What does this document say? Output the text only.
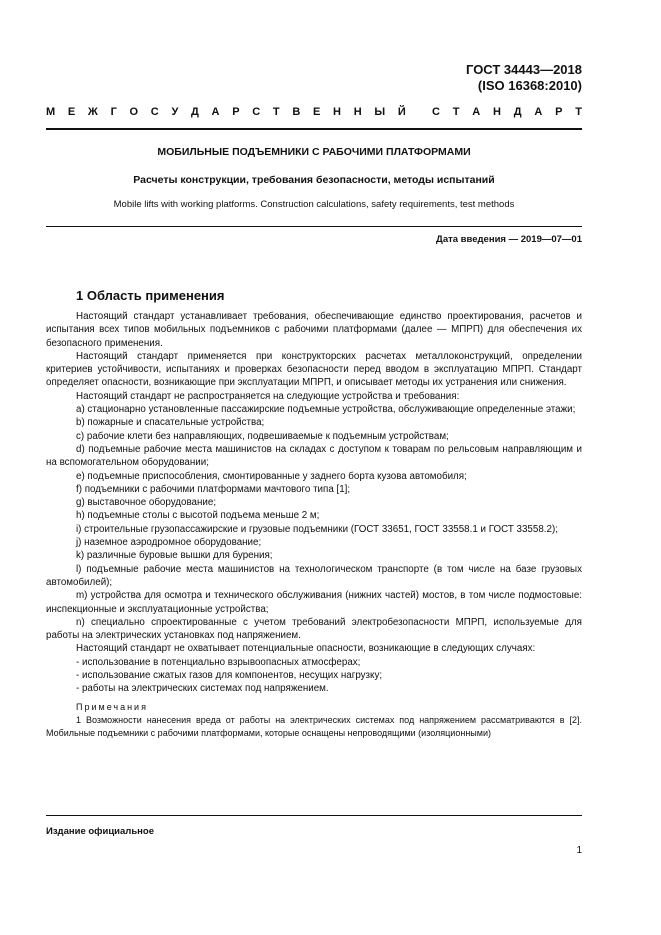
ГОСТ 34443—2018
(ISO 16368:2010)
М Е Ж Г О С У Д А Р С Т В Е Н Н Ы Й С Т А Н Д А Р Т
МОБИЛЬНЫЕ ПОДЪЕМНИКИ С РАБОЧИМИ ПЛАТФОРМАМИ
Расчеты конструкции, требования безопасности, методы испытаний
Mobile lifts with working platforms. Construction calculations, safety requirements, test methods
Дата введения — 2019—07—01
1 Область применения

Настоящий стандарт устанавливает требования, обеспечивающие единство проектирования, расчетов и испытания всех типов мобильных подъемников с рабочими платформами (далее — МПРП) для обеспечения их безопасного применения.

Настоящий стандарт применяется при конструкторских расчетах металлоконструкций, определении критериев устойчивости, испытаниях и проверках безопасности перед вводом в эксплуатацию МПРП. Стандарт определяет опасности, возникающие при эксплуатации МПРП, и описывает методы их устранения или снижения.

Настоящий стандарт не распространяется на следующие устройства и требования:

а) стационарно установленные пассажирские подъемные устройства, обслуживающие определенные этажи;

b) пожарные и спасательные устройства;

с) рабочие клети без направляющих, подвешиваемые к подъемным устройствам;

d) подъемные рабочие места машинистов на складах с доступом к товарам по рельсовым направляющим и на вспомогательном оборудовании;

е) подъемные приспособления, смонтированные у заднего борта кузова автомобиля;

f) подъемники с рабочими платформами мачтового типа [1];

g) выставочное оборудование;

h) подъемные столы с высотой подъема меньше 2 м;

i) строительные грузопассажирские и грузовые подъемники (ГОСТ 33651, ГОСТ 33558.1 и ГОСТ 33558.2);

j) наземное аэродромное оборудование;

k) различные буровые вышки для бурения;

l) подъемные рабочие места машинистов на технологическом транспорте (в том числе на базе грузовых автомобилей);

m) устройства для осмотра и технического обслуживания (нижних частей) мостов, в том числе подмостовые: инспекционные и эксплуатационные устройства;

n) специально спроектированные с учетом требований электробезопасности МПРП, используемые для работы на электрических установках под напряжением.

Настоящий стандарт не охватывает потенциальные опасности, возникающие в следующих случаях:

- использование в потенциально взрывоопасных атмосферах;

- использование сжатых газов для компонентов, несущих нагрузку;

- работы на электрических системах под напряжением.

Примечания

1 Возможности нанесения вреда от работы на электрических системах под напряжением рассматриваются в [2]. Мобильные подъемники с рабочими платформами, которые оснащены непроводящими (изоляционными)

Издание официальное
1
